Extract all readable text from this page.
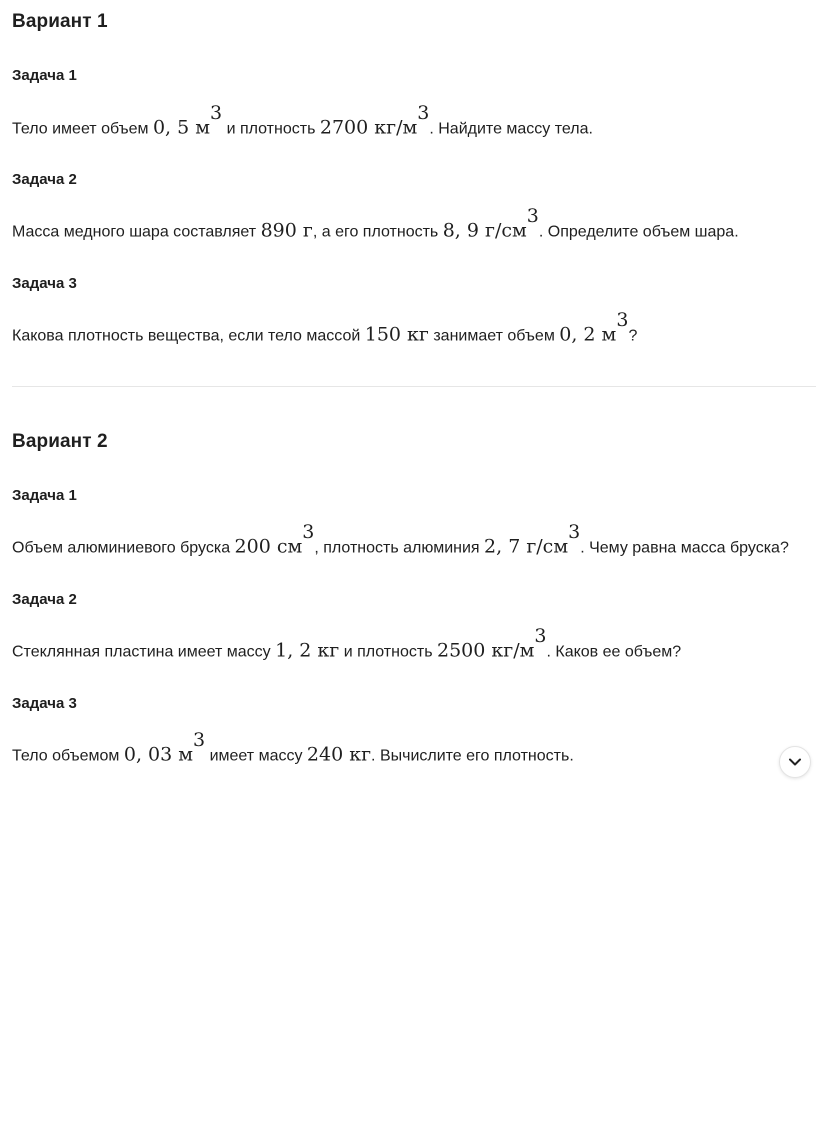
Вариант 1
Задача 1

Тело имеет объем 0, 5 $м^3$ и плотность 2700 $кг/м^3$. Найдите массу тела.

Задача 2

Масса медного шара составляет 890 г, а его плотность 8, 9 $г/см^3$. Определите объем шара.

Задача 3

Какова плотность вещества, если тело массой 150 кг занимает объем 0, 2 $м^3$?

Вариант 2
Задача 1

Объем алюминиевого бруска 200 $см^3$, плотность алюминия 2, 7 $г/см^3$. Чему равна масса бруска?

Задача 2

Стеклянная пластина имеет массу 1, 2 кг и плотность 2500 $кг/м^3$. Каков ее объем?

Задача 3

Тело объемом 0, 03 $м^3$ имеет массу 240 кг. Вычислите его плотность.
